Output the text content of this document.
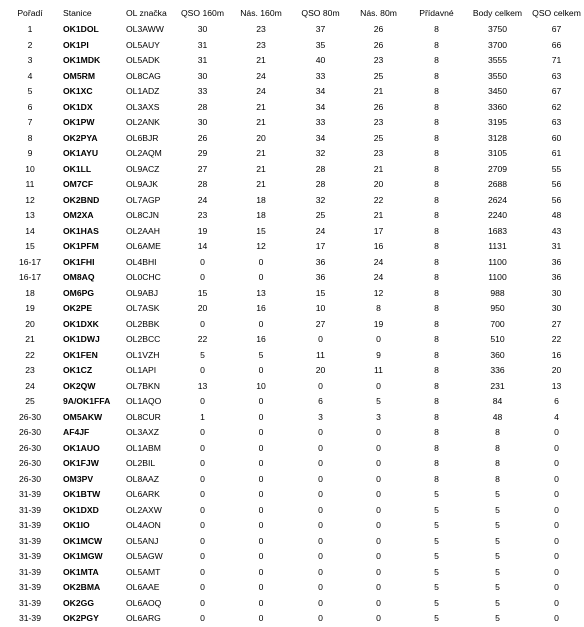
Pořadí	Stanice	OL značka	QSO 160m	Nás. 160m	QSO 80m	Nás. 80m	Přídavné	Body celkem	QSO celkem
1	OK1DOL	OL3AWW	30	23	37	26	8	3750	67
2	OK1PI	OL5AUY	31	23	35	26	8	3700	66
3	OK1MDK	OL5ADK	31	21	40	23	8	3555	71
4	OM5RM	OL8CAG	30	24	33	25	8	3550	63
5	OK1XC	OL1ADZ	33	24	34	21	8	3450	67
6	OK1DX	OL3AXS	28	21	34	26	8	3360	62
7	OK1PW	OL2ANK	30	21	33	23	8	3195	63
8	OK2PYA	OL6BJR	26	20	34	25	8	3128	60
9	OK1AYU	OL2AQM	29	21	32	23	8	3105	61
10	OK1LL	OL9ACZ	27	21	28	21	8	2709	55
11	OM7CF	OL9AJK	28	21	28	20	8	2688	56
12	OK2BND	OL7AGP	24	18	32	22	8	2624	56
13	OM2XA	OL8CJN	23	18	25	21	8	2240	48
14	OK1HAS	OL2AAH	19	15	24	17	8	1683	43
15	OK1PFM	OL6AME	14	12	17	16	8	1131	31
16-17	OK1FHI	OL4BHI	0	0	36	24	8	1100	36
16-17	OM8AQ	OL0CHC	0	0	36	24	8	1100	36
18	OM6PG	OL9ABJ	15	13	15	12	8	988	30
19	OK2PE	OL7ASK	20	16	10	8	8	950	30
20	OK1DXK	OL2BBK	0	0	27	19	8	700	27
21	OK1DWJ	OL2BCC	22	16	0	0	8	510	22
22	OK1FEN	OL1VZH	5	5	11	9	8	360	16
23	OK1CZ	OL1API	0	0	20	11	8	336	20
24	OK2QW	OL7BKN	13	10	0	0	8	231	13
25	9A/OK1FFA	OL1AQO	0	0	6	5	8	84	6
26-30	OM5AKW	OL8CUR	1	0	3	3	8	48	4
26-30	AF4JF	OL3AXZ	0	0	0	0	8	8	0
26-30	OK1AUO	OL1ABM	0	0	0	0	8	8	0
26-30	OK1FJW	OL2BIL	0	0	0	0	8	8	0
26-30	OM3PV	OL8AAZ	0	0	0	0	8	8	0
31-39	OK1BTW	OL6ARK	0	0	0	0	5	5	0
31-39	OK1DXD	OL2AXW	0	0	0	0	5	5	0
31-39	OK1IO	OL4AON	0	0	0	0	5	5	0
31-39	OK1MCW	OL5ANJ	0	0	0	0	5	5	0
31-39	OK1MGW	OL5AGW	0	0	0	0	5	5	0
31-39	OK1MTA	OL5AMT	0	0	0	0	5	5	0
31-39	OK2BMA	OL6AAE	0	0	0	0	5	5	0
31-39	OK2GG	OL6AOQ	0	0	0	0	5	5	0
31-39	OK2PGY	OL6ARG	0	0	0	0	5	5	0
